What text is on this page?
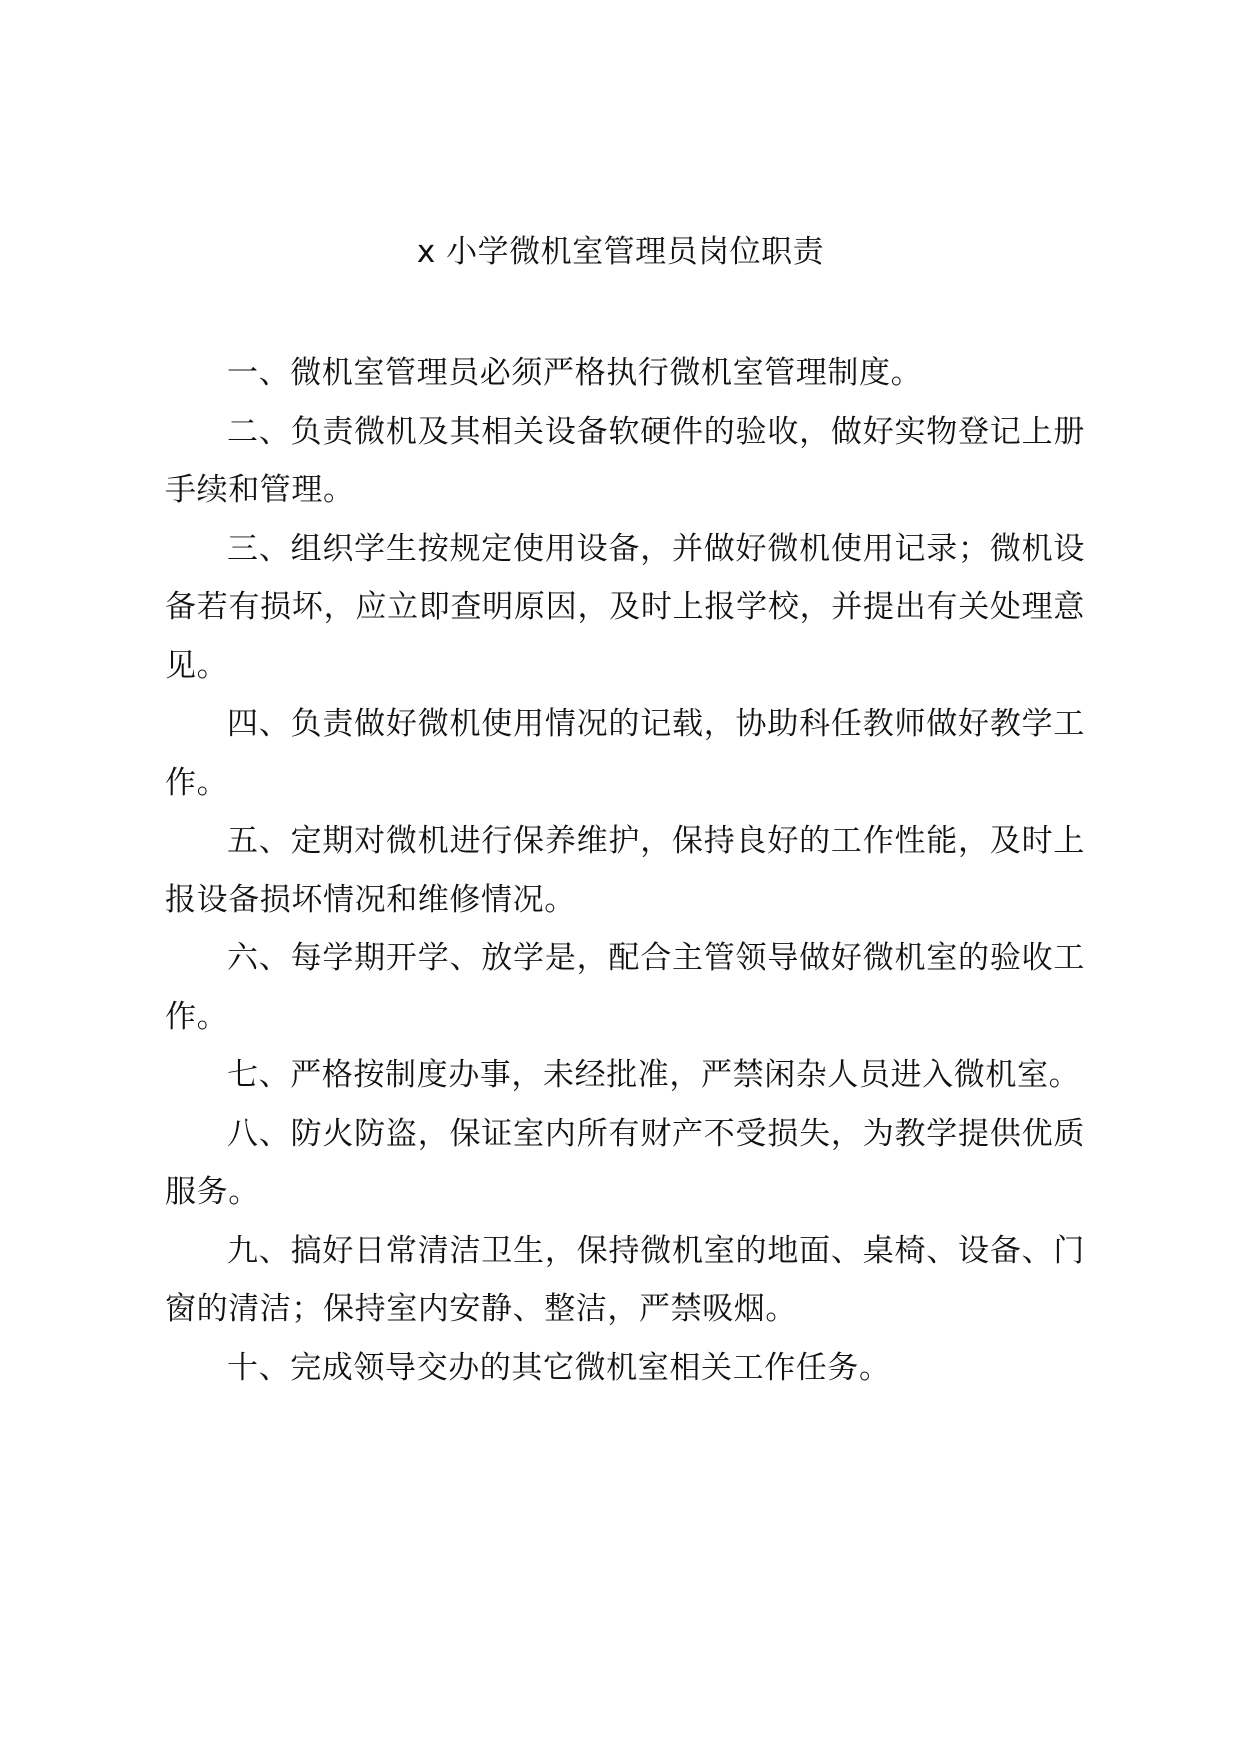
x 小学微机室管理员岗位职责

一、微机室管理员必须严格执行微机室管理制度。

二、负责微机及其相关设备软硬件的验收，做好实物登记上册手续和管理。

三、组织学生按规定使用设备，并做好微机使用记录；微机设备若有损坏，应立即查明原因，及时上报学校，并提出有关处理意见。

四、负责做好微机使用情况的记载，协助科任教师做好教学工作。

五、定期对微机进行保养维护，保持良好的工作性能，及时上报设备损坏情况和维修情况。

六、每学期开学、放学是，配合主管领导做好微机室的验收工作。

七、严格按制度办事，未经批准，严禁闲杂人员进入微机室。

八、防火防盗，保证室内所有财产不受损失，为教学提供优质服务。

九、搞好日常清洁卫生，保持微机室的地面、桌椅、设备、门窗的清洁；保持室内安静、整洁，严禁吸烟。

十、完成领导交办的其它微机室相关工作任务。
